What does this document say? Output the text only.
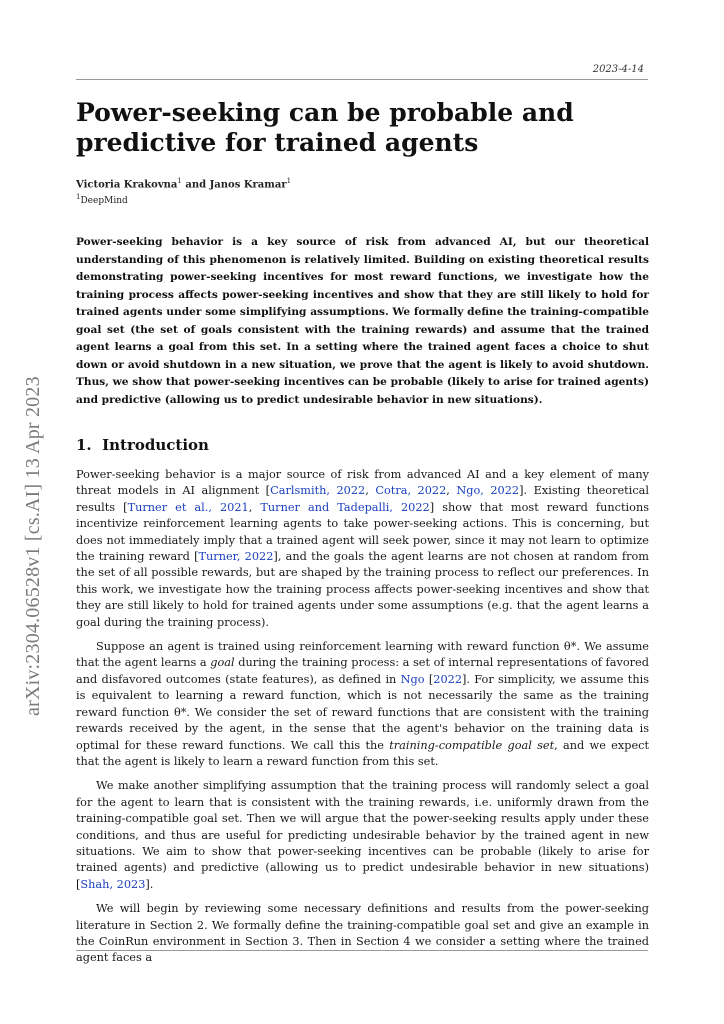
2023-4-14
arXiv:2304.06528v1 [cs.AI] 13 Apr 2023
Power-seeking can be probable and predictive for trained agents
Victoria Krakovna$^1$ and Janos Kramar$^1$
$^1$DeepMind

Power-seeking behavior is a key source of risk from advanced AI, but our theoretical understanding of this phenomenon is relatively limited. Building on existing theoretical results demonstrating power-seeking incentives for most reward functions, we investigate how the training process affects power-seeking incentives and show that they are still likely to hold for trained agents under some simplifying assumptions. We formally define the training-compatible goal set (the set of goals consistent with the training rewards) and assume that the trained agent learns a goal from this set. In a setting where the trained agent faces a choice to shut down or avoid shutdown in a new situation, we prove that the agent is likely to avoid shutdown. Thus, we show that power-seeking incentives can be probable (likely to arise for trained agents) and predictive (allowing us to predict undesirable behavior in new situations).

1. Introduction

Power-seeking behavior is a major source of risk from advanced AI and a key element of many threat models in AI alignment [Carlsmith, 2022, Cotra, 2022, Ngo, 2022]. Existing theoretical results [Turner et al., 2021, Turner and Tadepalli, 2022] show that most reward functions incentivize reinforcement learning agents to take power-seeking actions. This is concerning, but does not immediately imply that a trained agent will seek power, since it may not learn to optimize the training reward [Turner, 2022], and the goals the agent learns are not chosen at random from the set of all possible rewards, but are shaped by the training process to reflect our preferences. In this work, we investigate how the training process affects power-seeking incentives and show that they are still likely to hold for trained agents under some assumptions (e.g. that the agent learns a goal during the training process).

Suppose an agent is trained using reinforcement learning with reward function θ*. We assume that the agent learns a goal during the training process: a set of internal representations of favored and disfavored outcomes (state features), as defined in Ngo [2022]. For simplicity, we assume this is equivalent to learning a reward function, which is not necessarily the same as the training reward function θ*. We consider the set of reward functions that are consistent with the training rewards received by the agent, in the sense that the agent's behavior on the training data is optimal for these reward functions. We call this the training-compatible goal set, and we expect that the agent is likely to learn a reward function from this set.

We make another simplifying assumption that the training process will randomly select a goal for the agent to learn that is consistent with the training rewards, i.e. uniformly drawn from the training-compatible goal set. Then we will argue that the power-seeking results apply under these conditions, and thus are useful for predicting undesirable behavior by the trained agent in new situations. We aim to show that power-seeking incentives can be probable (likely to arise for trained agents) and predictive (allowing us to predict undesirable behavior in new situations) [Shah, 2023].

We will begin by reviewing some necessary definitions and results from the power-seeking literature in Section 2. We formally define the training-compatible goal set and give an example in the CoinRun environment in Section 3. Then in Section 4 we consider a setting where the trained agent faces a
